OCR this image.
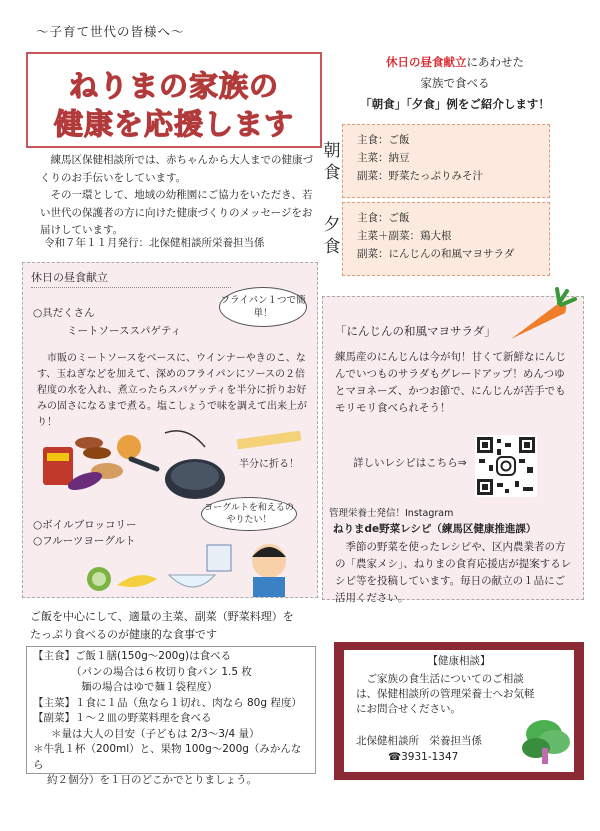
〜子育て世代の皆様へ〜
ねりまの家族の
健康を応援します

練馬区保健相談所では、赤ちゃんから大人までの健康づくりのお手伝いをしています。

その一環として、地域の幼稚園にご協力をいただき、若い世代の保護者の方に向けた健康づくりのメッセージをお届けしています。

令和７年１１月発行：北保健相談所栄養担当係
休日の昼食献立にあわせた
家族で食べる
「朝食」「夕食」例をご紹介します！
朝
食
主食：ご飯
主菜：納豆
副菜：野菜たっぷりみそ汁
夕
食
主食：ご飯
主菜＋副菜：鶏大根
副菜：にんじんの和風マヨサラダ
休日の昼食献立
○具だくさん
ミートソーススパゲティ
フライパン１つで簡単！
市販のミートソースをベースに、ウインナーやきのこ、なす、玉ねぎなどを加えて、深めのフライパンにソースの２倍程度の水を入れ、煮立ったらスパゲッティを半分に折りお好みの固さになるまで煮る。塩こしょうで味を調えて出来上がり！
半分に折る！
ヨーグルトを和えるのやりたい！
○ボイルブロッコリー
○フルーツヨーグルト
「にんじんの和風マヨサラダ」
練馬産のにんじんは今が旬！甘くて新鮮なにんじんでいつものサラダもグレードアップ！めんつゆとマヨネーズ、かつお節で、にんじんが苦手でもモリモリ食べられそう！
詳しいレシピはこちら⇒
管理栄養士発信！Instagram
ねりまde野菜レシピ（練馬区健康推進課）
季節の野菜を使ったレシピや、区内農業者の方の「農家メシ」、ねりまの食育応援店が提案するレシピ等を投稿しています。毎日の献立の１品にご活用ください。
ご飯を中心にして、適量の主菜、副菜（野菜料理）を
たっぷり食べるのが健康的な食事です
【主食】ご飯１膳(150g〜200g)は食べる
（パンの場合は６枚切り食パン 1.5 枚
麺の場合はゆで麺１袋程度）
【主菜】１食に１品（魚なら１切れ、肉なら 80g 程度）
【副菜】１〜２皿の野菜料理を食べる
＊量は大人の目安（子どもは 2/3〜3/4 量）
＊牛乳１杯（200ml）と、果物 100g〜200g（みかんなら
約２個分）を１日のどこかでとりましょう。
【健康相談】
ご家族の食生活についてのご相談は、保健相談所の管理栄養士へお気軽にお問合せください。
北保健相談所　栄養担当係
☎3931-1347
